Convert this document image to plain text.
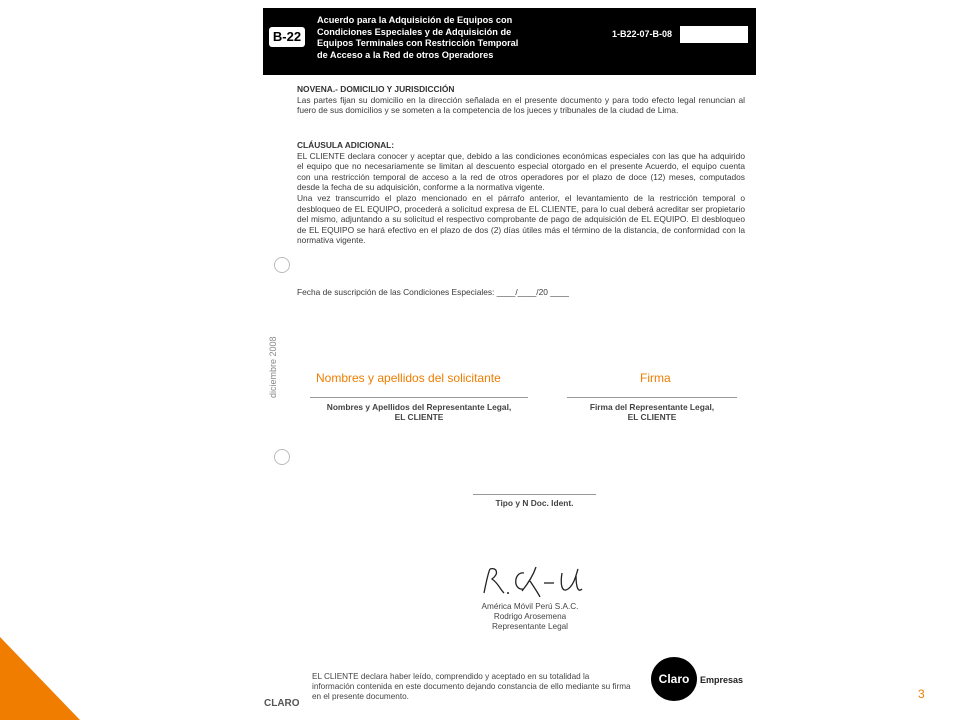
B-22
Acuerdo para la Adquisición de Equipos con
Condiciones Especiales y de Adquisición de
Equipos Terminales con Restricción Temporal
de Acceso a la Red de otros Operadores
1-B22-07-B-08
NOVENA.- DOMICILIO Y JURISDICCIÓN
Las partes fijan su domicilio en la dirección señalada en el presente documento y para todo efecto legal renuncian al fuero de sus domicilios y se someten a la competencia de los jueces y tribunales de la ciudad de Lima.
CLÁUSULA ADICIONAL:
EL CLIENTE declara conocer y aceptar que, debido a las condiciones económicas especiales con las que ha adquirido el equipo que no necesariamente se limitan al descuento especial otorgado en el presente Acuerdo, el equipo cuenta con una restricción temporal de acceso a la red de otros operadores por el plazo de doce (12) meses, computados desde la fecha de su adquisición, conforme a la normativa vigente.
Una vez transcurrido el plazo mencionado en el párrafo anterior, el levantamiento de la restricción temporal o desbloqueo de EL EQUIPO, procederá a solicitud expresa de EL CLIENTE, para lo cual deberá acreditar ser propietario del mismo, adjuntando a su solicitud el respectivo comprobante de pago de adquisición de EL EQUIPO. El desbloqueo de EL EQUIPO se hará efectivo en el plazo de dos (2) días útiles más el término de la distancia, de conformidad con la normativa vigente.
Fecha de suscripción de las Condiciones Especiales: ____/____/20 ____
diciembre 2008	Nombres y apellidos del solicitante	Firma
Nombres y Apellidos del Representante Legal,
EL CLIENTE
Firma del Representante Legal,
EL CLIENTE
Tipo y N Doc. Ident.
América Móvil Perú S.A.C.
Rodrigo Arosemena
Representante Legal
EL CLIENTE declara haber leído, comprendido y aceptado en su totalidad la información contenida en este documento dejando constancia de ello mediante su firma en el presente documento.
CLARO
Claro	Empresas
3
